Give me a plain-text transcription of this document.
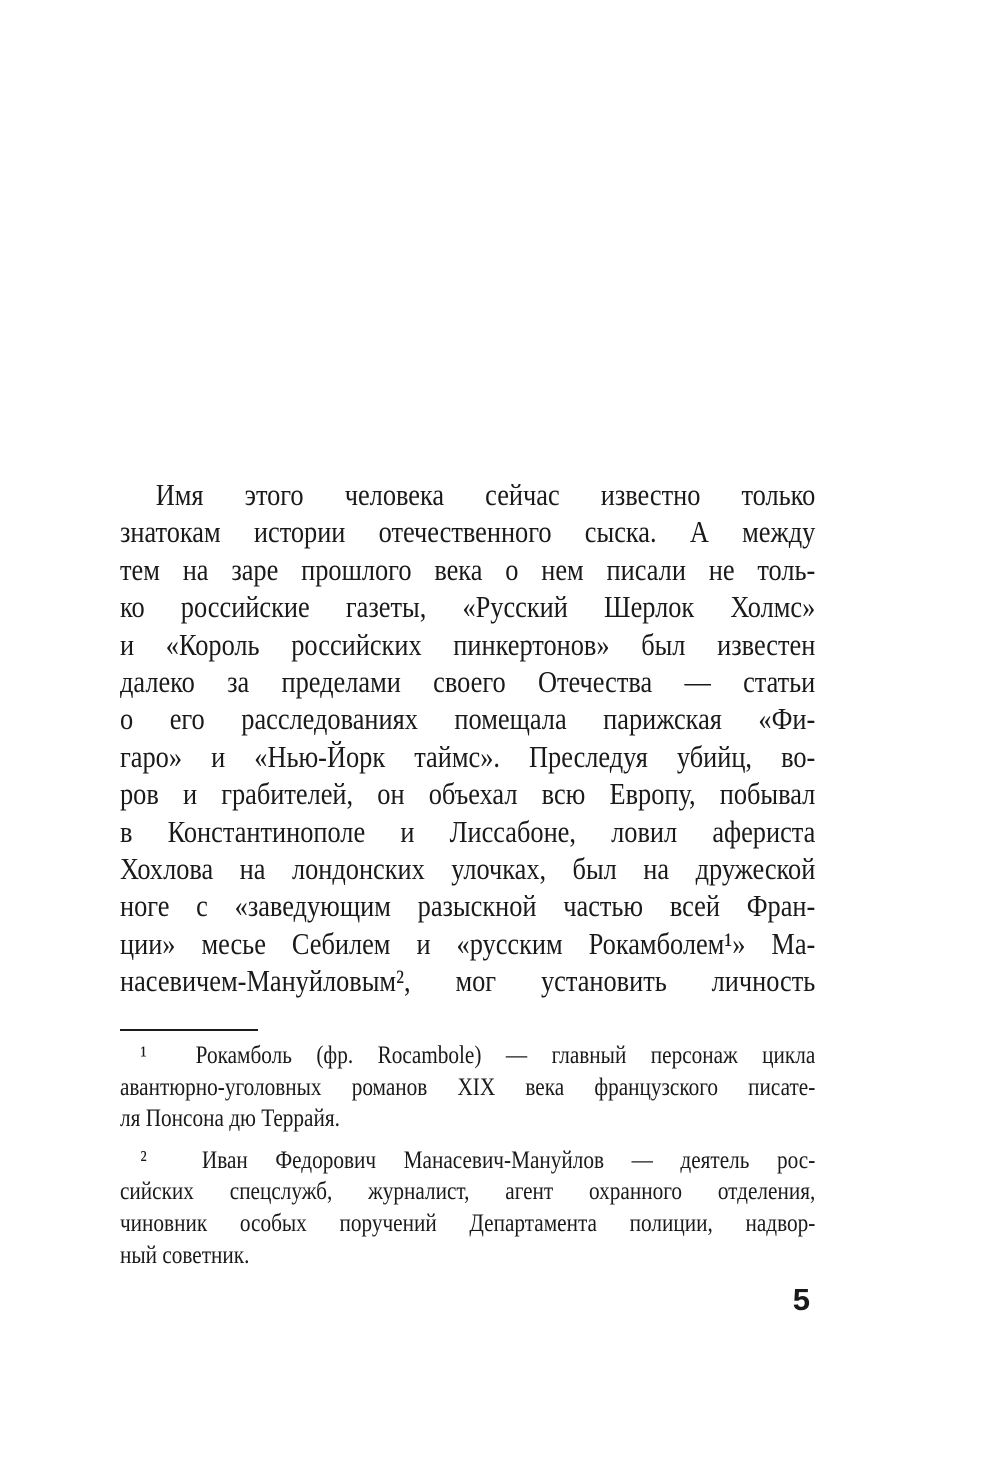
Имя этого человека сейчас известно только

знатокам истории отечественного сыска. А между

тем на заре прошлого века о нем писали не толь-

ко российские газеты, «Русский Шерлок Холмс»

и «Король российских пинкертонов» был известен

далеко за пределами своего Отечества — статьи

о его расследованиях помещала парижская «Фи-

гаро» и «Нью-Йорк таймс». Преследуя убийц, во-

ров и грабителей, он объехал всю Европу, побывал

в Константинополе и Лиссабоне, ловил афериста

Хохлова на лондонских улочках, был на дружеской

ноге с «заведующим разыскной частью всей Фран-

ции» месье Себилем и «русским Рокамболем¹» Ма-

насевичем-Мануйловым², мог установить личность

¹  Рокамболь (фр. Rocambole) — главный персонаж цикла

авантюрно-уголовных романов XIX века французского писате-

ля Понсона дю Террайя.

²  Иван Федорович Манасевич-Мануйлов — деятель рос-

сийских спецслужб, журналист, агент охранного отделения,

чиновник особых поручений Департамента полиции, надвор-

ный советник.

5
